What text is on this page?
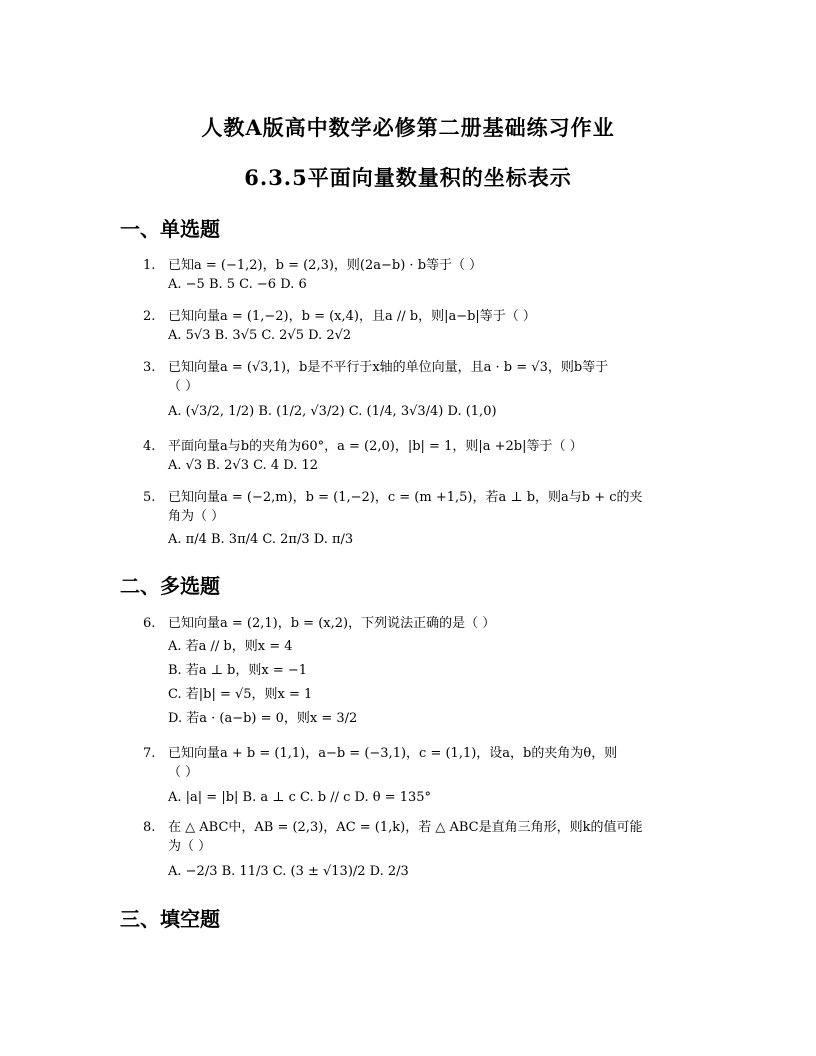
人教A版高中数学必修第二册基础练习作业
6.3.5平面向量数量积的坐标表示
一、单选题
1. 已知a = (−1,2)，b = (2,3)，则(2a−b) · b等于（ ）
A. −5 B. 5 C. −6 D. 6
2. 已知向量a = (1,−2)，b = (x,4)，且a // b，则|a−b|等于（ ）
A. 5√3 B. 3√5 C. 2√5 D. 2√2
3. 已知向量a = (√3,1)，b是不平行于x轴的单位向量，且a · b = √3，则b等于
（ ）
A. (√3/2, 1/2) B. (1/2, √3/2) C. (1/4, 3√3/4) D. (1,0)
4. 平面向量a与b的夹角为60°，a = (2,0)，|b| = 1，则|a +2b|等于（ ）
A. √3 B. 2√3 C. 4 D. 12
5. 已知向量a = (−2,m)，b = (1,−2)，c = (m +1,5)，若a ⊥ b，则a与b + c的夹
角为（ ）
A. π/4 B. 3π/4 C. 2π/3 D. π/3
二、多选题
6. 已知向量a = (2,1)，b = (x,2)，下列说法正确的是（ ）
A. 若a // b，则x = 4
B. 若a ⊥ b，则x = −1
C. 若|b| = √5，则x = 1
D. 若a · (a−b) = 0，则x = 3/2
7. 已知向量a + b = (1,1)，a−b = (−3,1)，c = (1,1)，设a，b的夹角为θ，则
（ ）
A. |a| = |b| B. a ⊥ c C. b // c D. θ = 135°
8. 在 △ ABC中，AB = (2,3)，AC = (1,k)，若 △ ABC是直角三角形，则k的值可能
为（ ）
A. −2/3 B. 11/3 C. (3 ± √13)/2 D. 2/3
三、填空题
